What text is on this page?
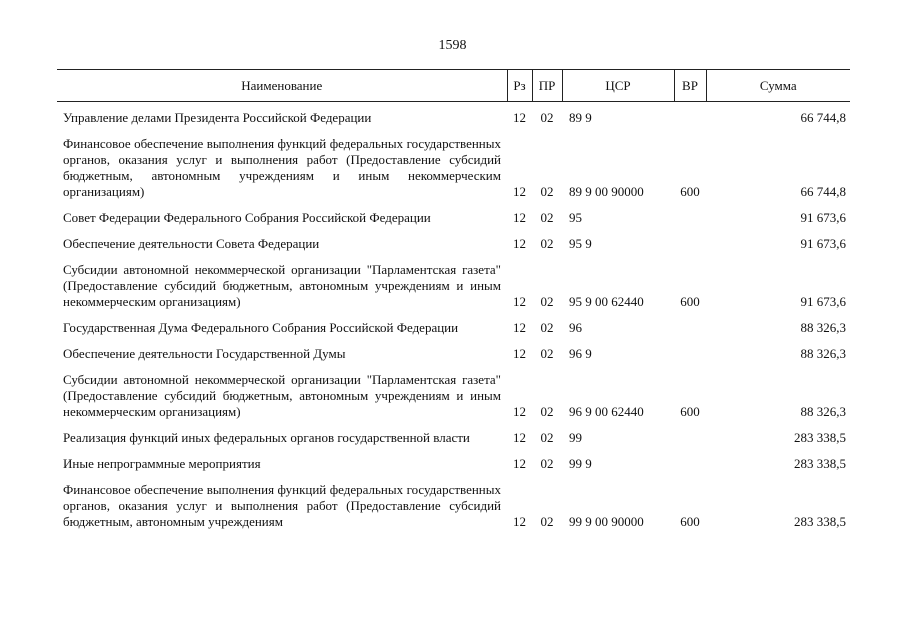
1598
Наименование	Рз	ПР	ЦСР	ВР	Сумма
Управление делами Президента Российской Федерации	12	02	89 9		66 744,8
Финансовое обеспечение выполнения функций федеральных государственных органов, оказания услуг и выполнения работ (Предоставление субсидий бюджетным, автономным учреждениям и иным некоммерческим организациям)	12	02	89 9 00 90000	600	66 744,8
Совет Федерации Федерального Собрания Российской Федерации	12	02	95		91 673,6
Обеспечение деятельности Совета Федерации	12	02	95 9		91 673,6
Субсидии автономной некоммерческой организации "Парламентская газета" (Предоставление субсидий бюджетным, автономным учреждениям и иным некоммерческим организациям)	12	02	95 9 00 62440	600	91 673,6
Государственная Дума Федерального Собрания Российской Федерации	12	02	96		88 326,3
Обеспечение деятельности Государственной Думы	12	02	96 9		88 326,3
Субсидии автономной некоммерческой организации "Парламентская газета" (Предоставление субсидий бюджетным, автономным учреждениям и иным некоммерческим организациям)	12	02	96 9 00 62440	600	88 326,3
Реализация функций иных федеральных органов государственной власти	12	02	99		283 338,5
Иные непрограммные мероприятия	12	02	99 9		283 338,5
Финансовое обеспечение выполнения функций федеральных государственных органов, оказания услуг и выполнения работ (Предоставление субсидий бюджетным, автономным учреждениям	12	02	99 9 00 90000	600	283 338,5
